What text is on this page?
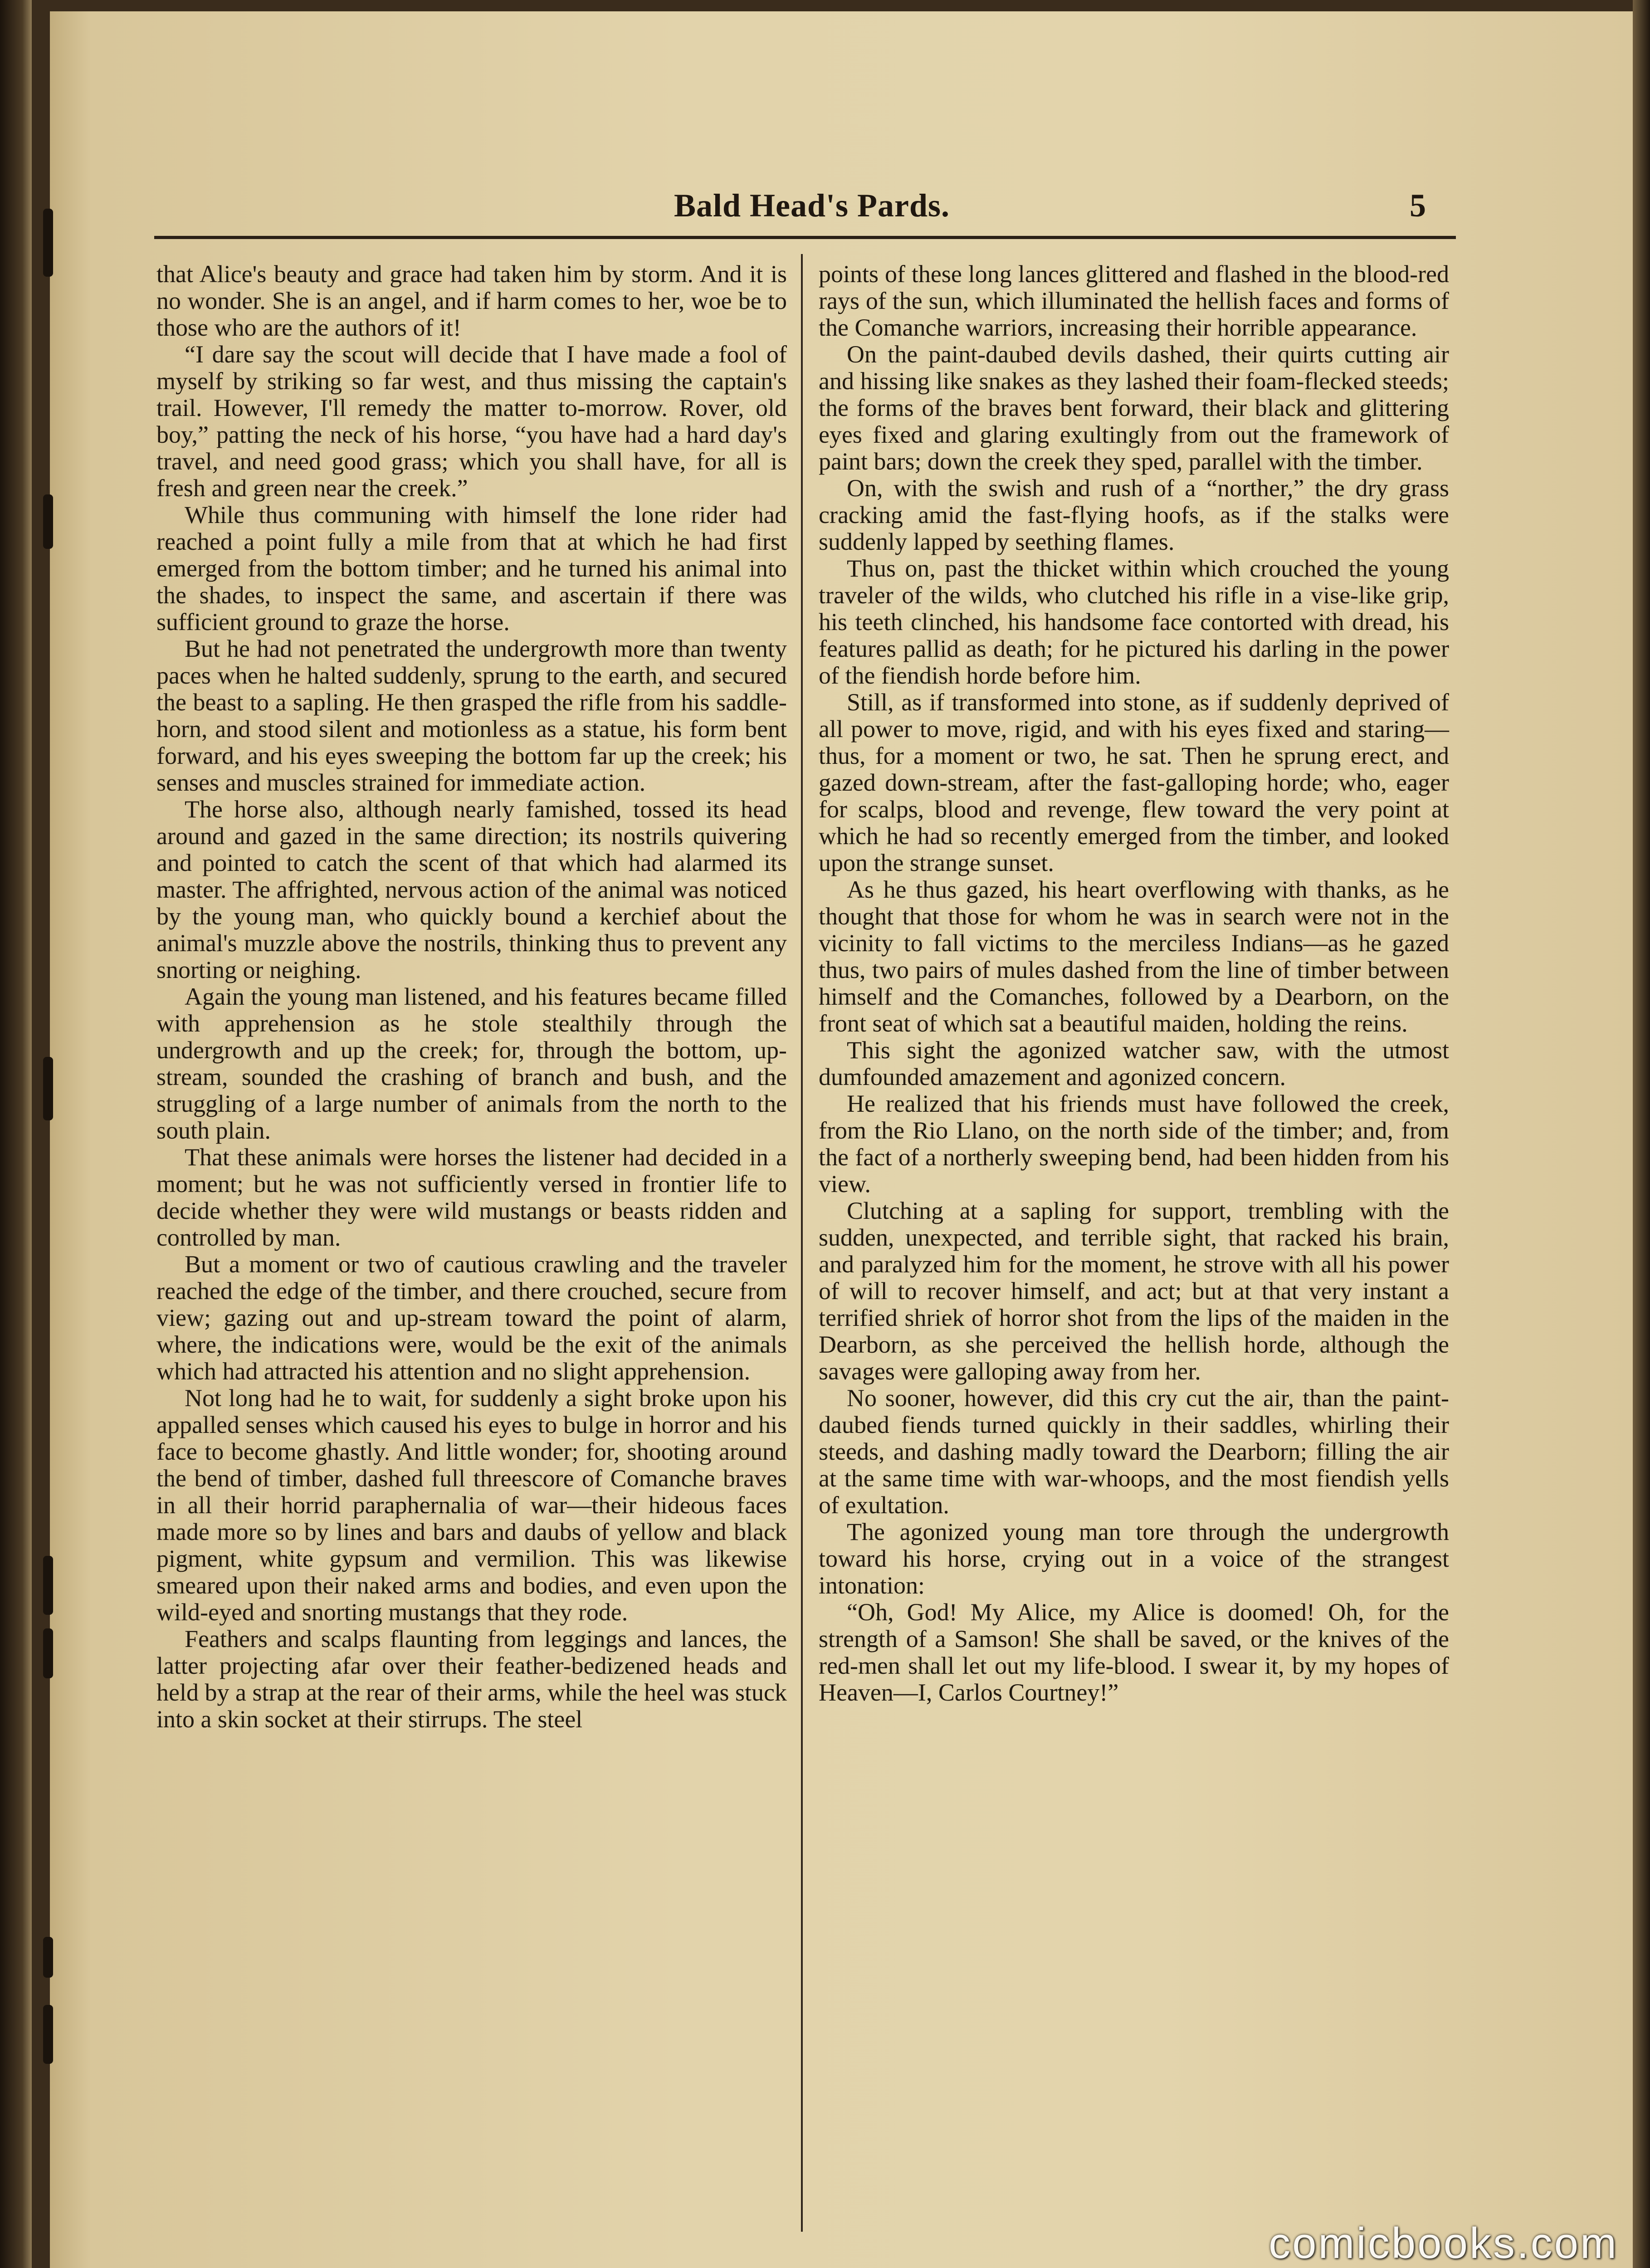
Bald Head's Pards.	5

that Alice's beauty and grace had taken him by storm. And it is no wonder. She is an angel, and if harm comes to her, woe be to those who are the authors of it!

“I dare say the scout will decide that I have made a fool of myself by striking so far west, and thus missing the captain's trail. However, I'll remedy the matter to-morrow. Rover, old boy,” patting the neck of his horse, “you have had a hard day's travel, and need good grass; which you shall have, for all is fresh and green near the creek.”

While thus communing with himself the lone rider had reached a point fully a mile from that at which he had first emerged from the bottom timber; and he turned his animal into the shades, to inspect the same, and ascertain if there was sufficient ground to graze the horse.

But he had not penetrated the undergrowth more than twenty paces when he halted suddenly, sprung to the earth, and secured the beast to a sapling. He then grasped the rifle from his saddle-horn, and stood silent and motionless as a statue, his form bent forward, and his eyes sweeping the bottom far up the creek; his senses and muscles strained for immediate action.

The horse also, although nearly famished, tossed its head around and gazed in the same direction; its nostrils quivering and pointed to catch the scent of that which had alarmed its master. The affrighted, nervous action of the animal was noticed by the young man, who quickly bound a kerchief about the animal's muzzle above the nostrils, thinking thus to prevent any snorting or neighing.

Again the young man listened, and his features became filled with apprehension as he stole stealthily through the undergrowth and up the creek; for, through the bottom, up-stream, sounded the crashing of branch and bush, and the struggling of a large number of animals from the north to the south plain.

That these animals were horses the listener had decided in a moment; but he was not sufficiently versed in frontier life to decide whether they were wild mustangs or beasts ridden and controlled by man.

But a moment or two of cautious crawling and the traveler reached the edge of the timber, and there crouched, secure from view; gazing out and up-stream toward the point of alarm, where, the indications were, would be the exit of the animals which had attracted his attention and no slight apprehension.

Not long had he to wait, for suddenly a sight broke upon his appalled senses which caused his eyes to bulge in horror and his face to become ghastly. And little wonder; for, shooting around the bend of timber, dashed full threescore of Comanche braves in all their horrid paraphernalia of war—their hideous faces made more so by lines and bars and daubs of yellow and black pigment, white gypsum and vermilion. This was likewise smeared upon their naked arms and bodies, and even upon the wild-eyed and snorting mustangs that they rode.

Feathers and scalps flaunting from leggings and lances, the latter projecting afar over their feather-bedizened heads and held by a strap at the rear of their arms, while the heel was stuck into a skin socket at their stirrups. The steel

points of these long lances glittered and flashed in the blood-red rays of the sun, which illuminated the hellish faces and forms of the Comanche warriors, increasing their horrible appearance.

On the paint-daubed devils dashed, their quirts cutting air and hissing like snakes as they lashed their foam-flecked steeds; the forms of the braves bent forward, their black and glittering eyes fixed and glaring exultingly from out the framework of paint bars; down the creek they sped, parallel with the timber.

On, with the swish and rush of a “norther,” the dry grass cracking amid the fast-flying hoofs, as if the stalks were suddenly lapped by seething flames.

Thus on, past the thicket within which crouched the young traveler of the wilds, who clutched his rifle in a vise-like grip, his teeth clinched, his handsome face contorted with dread, his features pallid as death; for he pictured his darling in the power of the fiendish horde before him.

Still, as if transformed into stone, as if suddenly deprived of all power to move, rigid, and with his eyes fixed and staring—thus, for a moment or two, he sat. Then he sprung erect, and gazed down-stream, after the fast-galloping horde; who, eager for scalps, blood and revenge, flew toward the very point at which he had so recently emerged from the timber, and looked upon the strange sunset.

As he thus gazed, his heart overflowing with thanks, as he thought that those for whom he was in search were not in the vicinity to fall victims to the merciless Indians—as he gazed thus, two pairs of mules dashed from the line of timber between himself and the Comanches, followed by a Dearborn, on the front seat of which sat a beautiful maiden, holding the reins.

This sight the agonized watcher saw, with the utmost dumfounded amazement and agonized concern.

He realized that his friends must have followed the creek, from the Rio Llano, on the north side of the timber; and, from the fact of a northerly sweeping bend, had been hidden from his view.

Clutching at a sapling for support, trembling with the sudden, unexpected, and terrible sight, that racked his brain, and paralyzed him for the moment, he strove with all his power of will to recover himself, and act; but at that very instant a terrified shriek of horror shot from the lips of the maiden in the Dearborn, as she perceived the hellish horde, although the savages were galloping away from her.

No sooner, however, did this cry cut the air, than the paint-daubed fiends turned quickly in their saddles, whirling their steeds, and dashing madly toward the Dearborn; filling the air at the same time with war-whoops, and the most fiendish yells of exultation.

The agonized young man tore through the undergrowth toward his horse, crying out in a voice of the strangest intonation:

“Oh, God! My Alice, my Alice is doomed! Oh, for the strength of a Samson! She shall be saved, or the knives of the red-men shall let out my life-blood. I swear it, by my hopes of Heaven—I, Carlos Courtney!”

comicbooks.com
